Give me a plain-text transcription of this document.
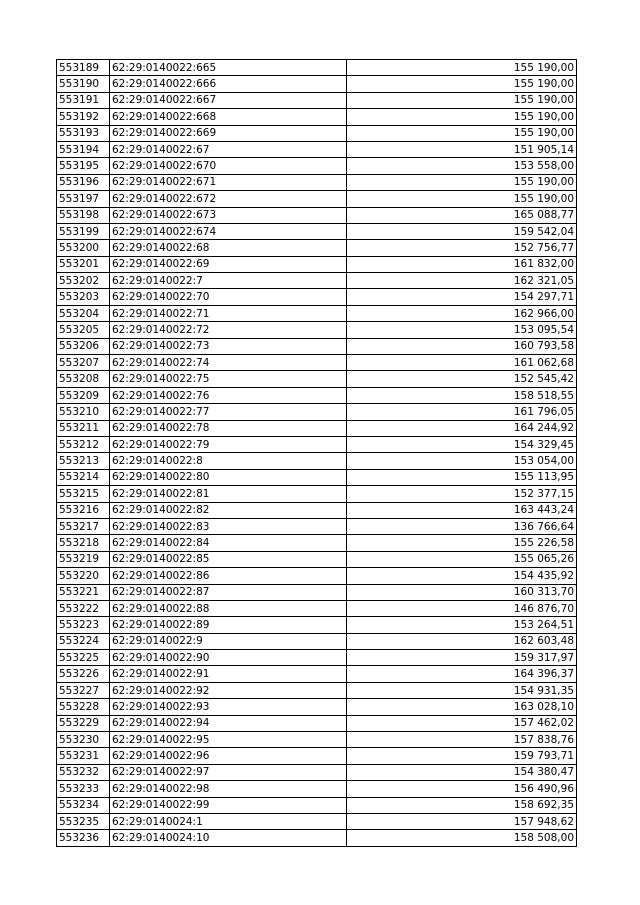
553189	62:29:0140022:665	155 190,00
553190	62:29:0140022:666	155 190,00
553191	62:29:0140022:667	155 190,00
553192	62:29:0140022:668	155 190,00
553193	62:29:0140022:669	155 190,00
553194	62:29:0140022:67	151 905,14
553195	62:29:0140022:670	153 558,00
553196	62:29:0140022:671	155 190,00
553197	62:29:0140022:672	155 190,00
553198	62:29:0140022:673	165 088,77
553199	62:29:0140022:674	159 542,04
553200	62:29:0140022:68	152 756,77
553201	62:29:0140022:69	161 832,00
553202	62:29:0140022:7	162 321,05
553203	62:29:0140022:70	154 297,71
553204	62:29:0140022:71	162 966,00
553205	62:29:0140022:72	153 095,54
553206	62:29:0140022:73	160 793,58
553207	62:29:0140022:74	161 062,68
553208	62:29:0140022:75	152 545,42
553209	62:29:0140022:76	158 518,55
553210	62:29:0140022:77	161 796,05
553211	62:29:0140022:78	164 244,92
553212	62:29:0140022:79	154 329,45
553213	62:29:0140022:8	153 054,00
553214	62:29:0140022:80	155 113,95
553215	62:29:0140022:81	152 377,15
553216	62:29:0140022:82	163 443,24
553217	62:29:0140022:83	136 766,64
553218	62:29:0140022:84	155 226,58
553219	62:29:0140022:85	155 065,26
553220	62:29:0140022:86	154 435,92
553221	62:29:0140022:87	160 313,70
553222	62:29:0140022:88	146 876,70
553223	62:29:0140022:89	153 264,51
553224	62:29:0140022:9	162 603,48
553225	62:29:0140022:90	159 317,97
553226	62:29:0140022:91	164 396,37
553227	62:29:0140022:92	154 931,35
553228	62:29:0140022:93	163 028,10
553229	62:29:0140022:94	157 462,02
553230	62:29:0140022:95	157 838,76
553231	62:29:0140022:96	159 793,71
553232	62:29:0140022:97	154 380,47
553233	62:29:0140022:98	156 490,96
553234	62:29:0140022:99	158 692,35
553235	62:29:0140024:1	157 948,62
553236	62:29:0140024:10	158 508,00
